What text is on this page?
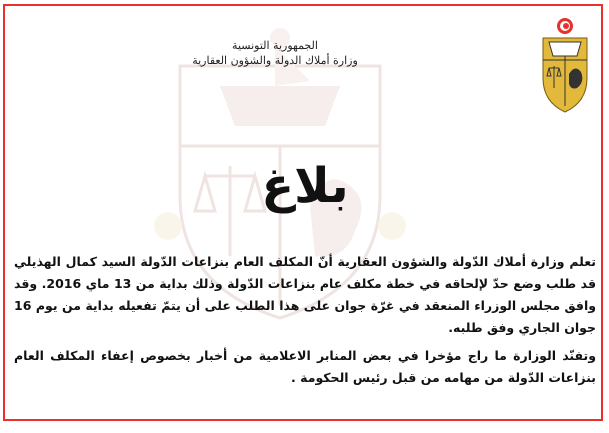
الجمهورية التونسية
وزارة أملاك الدولة والشؤون العقارية
بلاغ

تعلم وزارة أملاك الدّولة والشؤون العقارية أنّ المكلف العام بنزاعات الدّولة السيد كمال الهذيلي قد طلب وضع حدّ لإلحاقه في خطة مكلف عام بنزاعات الدّولة وذلك بداية من 13 ماي 2016. وقد وافق مجلس الوزراء المنعقد في غرّة جوان على هذا الطلب على أن يتمّ تفعيله بداية من يوم 16 جوان الجاري وفق طلبه.

وتفنّد الوزارة ما راج مؤخرا في بعض المنابر الاعلامية من أخبار بخصوص إعفاء المكلف العام بنزاعات الدّولة من مهامه من قبل رئيس الحكومة .
